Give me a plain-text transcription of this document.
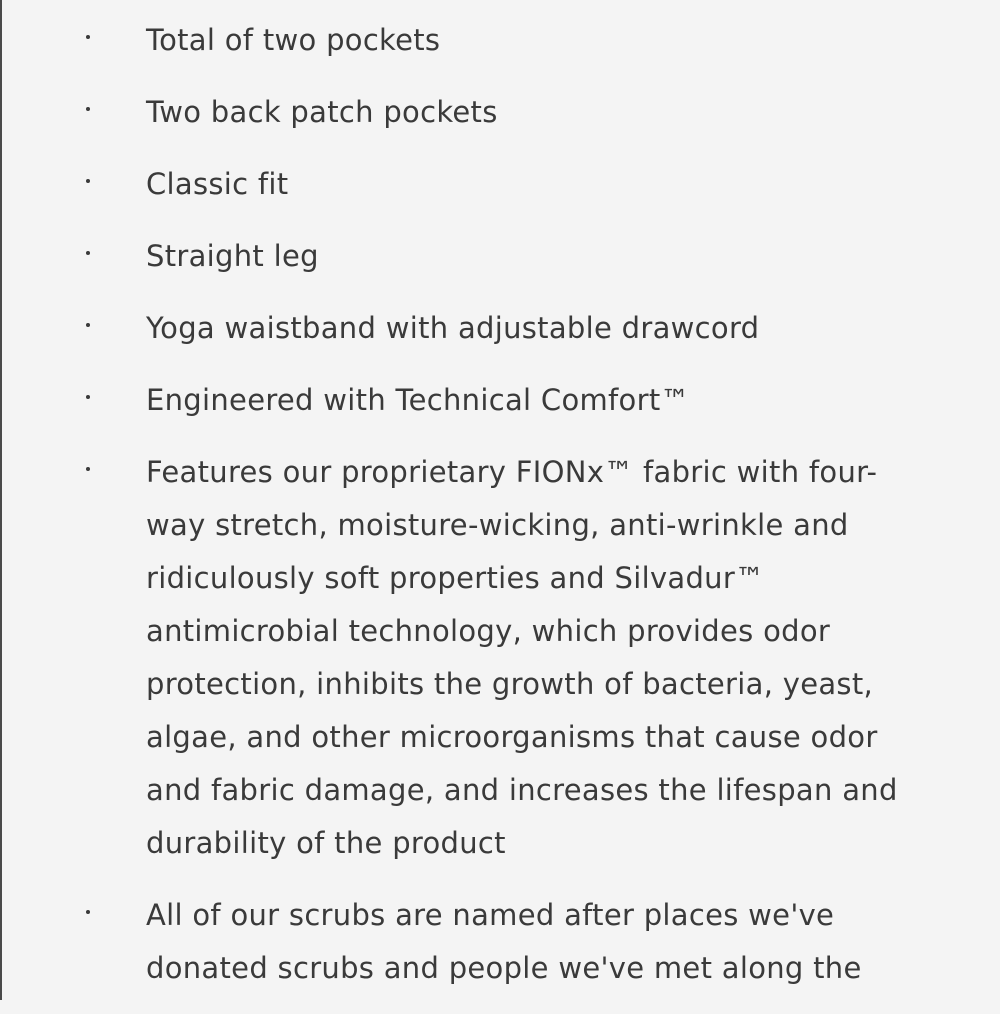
Total of two pockets
Two back patch pockets
Classic fit
Straight leg
Yoga waistband with adjustable drawcord
Engineered with Technical Comfort™
Features our proprietary FIONx™ fabric with four-way stretch, moisture-wicking, anti-wrinkle and ridiculously soft properties and Silvadur™ antimicrobial technology, which provides odor protection, inhibits the growth of bacteria, yeast, algae, and other microorganisms that cause odor and fabric damage, and increases the lifespan and durability of the product
All of our scrubs are named after places we've donated scrubs and people we've met along the
